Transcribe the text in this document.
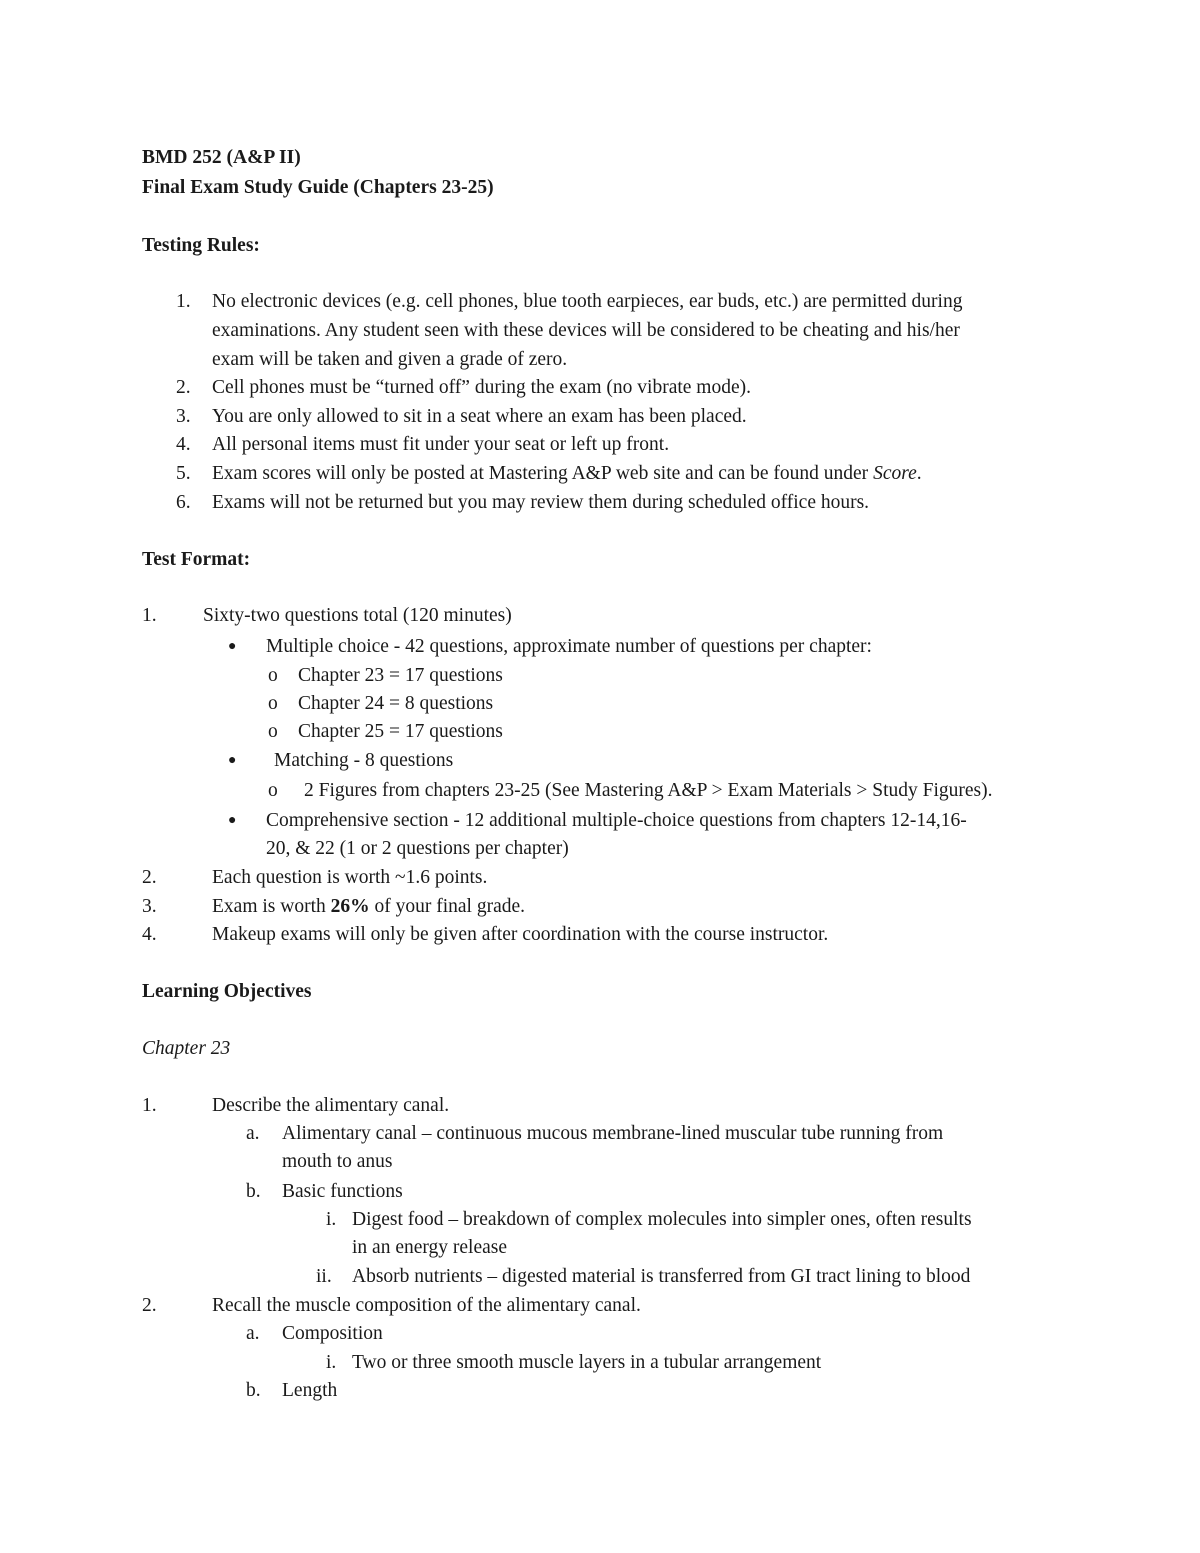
BMD 252 (A&P II)
Final Exam Study Guide (Chapters 23-25)
Testing Rules:
1. No electronic devices (e.g. cell phones, blue tooth earpieces, ear buds, etc.) are permitted during
examinations. Any student seen with these devices will be considered to be cheating and his/her
exam will be taken and given a grade of zero.
2. Cell phones must be “turned off” during the exam (no vibrate mode).
3. You are only allowed to sit in a seat where an exam has been placed.
4. All personal items must fit under your seat or left up front.
5. Exam scores will only be posted at Mastering A&P web site and can be found under Score.
6. Exams will not be returned but you may review them during scheduled office hours.
Test Format:
1. Sixty-two questions total (120 minutes)
● Multiple choice - 42 questions, approximate number of questions per chapter:
o Chapter 23 = 17 questions
o Chapter 24 = 8 questions
o Chapter 25 = 17 questions
● Matching - 8 questions
o 2 Figures from chapters 23-25 (See Mastering A&P > Exam Materials > Study Figures).
● Comprehensive section - 12 additional multiple-choice questions from chapters 12-14,16-
20, & 22 (1 or 2 questions per chapter)
2.	Each question is worth ~1.6 points.
3.	Exam is worth 26% of your final grade.
4.	Makeup exams will only be given after coordination with the course instructor.
Learning Objectives
Chapter 23
1.	Describe the alimentary canal.
a. Alimentary canal – continuous mucous membrane-lined muscular tube running from
mouth to anus
b. Basic functions
i. Digest food – breakdown of complex molecules into simpler ones, often results
in an energy release
ii. Absorb nutrients – digested material is transferred from GI tract lining to blood
2.	Recall the muscle composition of the alimentary canal.
a. Composition
i. Two or three smooth muscle layers in a tubular arrangement
b. Length
